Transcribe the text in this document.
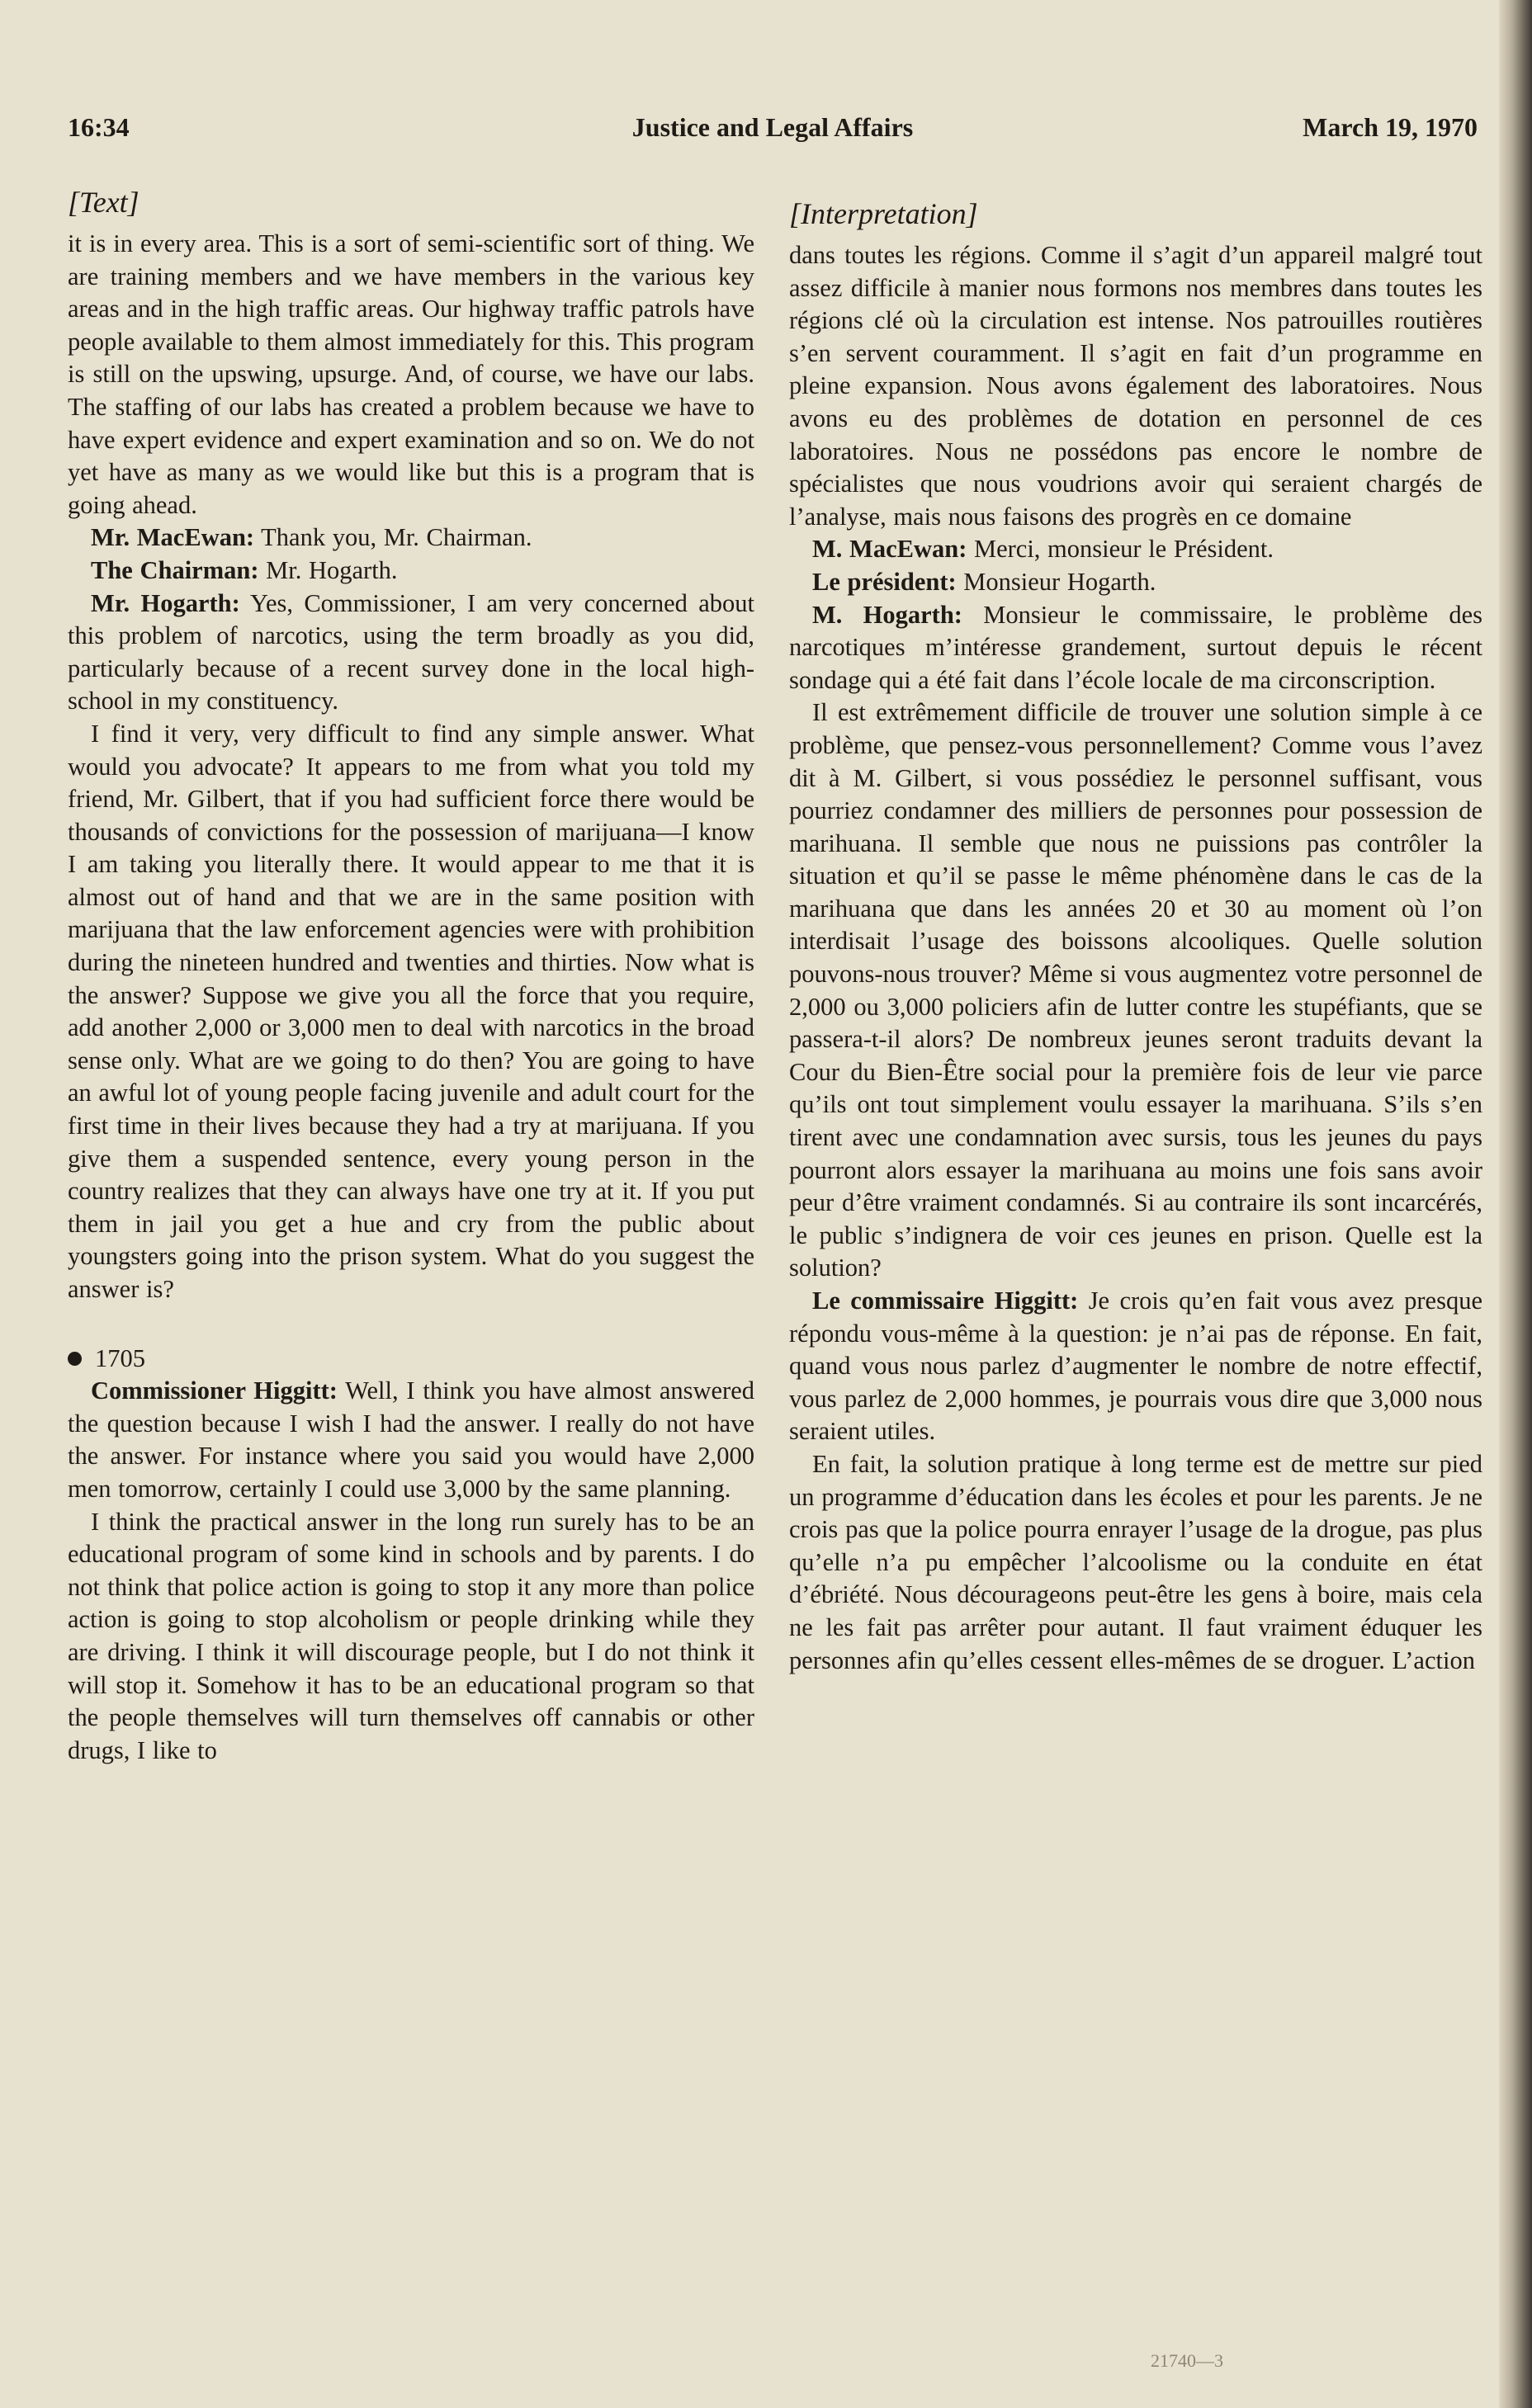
Justice and Legal Affairs
16:34	March 19, 1970
[Text]

it is in every area. This is a sort of semi-scientific sort of thing. We are training members and we have members in the various key areas and in the high traffic areas. Our highway traffic patrols have people available to them almost immediately for this. This program is still on the upswing, upsurge. And, of course, we have our labs. The staffing of our labs has created a problem because we have to have expert evidence and expert examination and so on. We do not yet have as many as we would like but this is a program that is going ahead.

Mr. MacEwan: Thank you, Mr. Chairman.

The Chairman: Mr. Hogarth.

Mr. Hogarth: Yes, Commissioner, I am very concerned about this problem of narcotics, using the term broadly as you did, particularly because of a recent survey done in the local high-school in my constituency.

I find it very, very difficult to find any simple answer. What would you advocate? It appears to me from what you told my friend, Mr. Gilbert, that if you had sufficient force there would be thousands of convictions for the possession of marijuana—I know I am taking you literally there. It would appear to me that it is almost out of hand and that we are in the same position with marijuana that the law enforcement agencies were with prohibition during the nineteen hundred and twenties and thirties. Now what is the answer? Suppose we give you all the force that you require, add another 2,000 or 3,000 men to deal with narcotics in the broad sense only. What are we going to do then? You are going to have an awful lot of young people facing juvenile and adult court for the first time in their lives because they had a try at marijuana. If you give them a suspended sentence, every young person in the country realizes that they can always have one try at it. If you put them in jail you get a hue and cry from the public about youngsters going into the prison system. What do you suggest the answer is?

1705

Commissioner Higgitt: Well, I think you have almost answered the question because I wish I had the answer. I really do not have the answer. For instance where you said you would have 2,000 men tomorrow, certainly I could use 3,000 by the same planning.

I think the practical answer in the long run surely has to be an educational program of some kind in schools and by parents. I do not think that police action is going to stop it any more than police action is going to stop alcoholism or people drinking while they are driving. I think it will discourage people, but I do not think it will stop it. Somehow it has to be an educational program so that the people themselves will turn themselves off cannabis or other drugs, I like to

[Interpretation]

dans toutes les régions. Comme il s’agit d’un appareil malgré tout assez difficile à manier nous formons nos membres dans toutes les régions clé où la circulation est intense. Nos patrouilles routières s’en servent couramment. Il s’agit en fait d’un programme en pleine expansion. Nous avons également des laboratoires. Nous avons eu des problèmes de dotation en personnel de ces laboratoires. Nous ne possédons pas encore le nombre de spécialistes que nous voudrions avoir qui seraient chargés de l’analyse, mais nous faisons des progrès en ce domaine

M. MacEwan: Merci, monsieur le Président.

Le président: Monsieur Hogarth.

M. Hogarth: Monsieur le commissaire, le problème des narcotiques m’intéresse grandement, surtout depuis le récent sondage qui a été fait dans l’école locale de ma circonscription.

Il est extrêmement difficile de trouver une solution simple à ce problème, que pensez-vous personnellement? Comme vous l’avez dit à M. Gilbert, si vous possédiez le personnel suffisant, vous pourriez condamner des milliers de personnes pour possession de marihuana. Il semble que nous ne puissions pas contrôler la situation et qu’il se passe le même phénomène dans le cas de la marihuana que dans les années 20 et 30 au moment où l’on interdisait l’usage des boissons alcooliques. Quelle solution pouvons-nous trouver? Même si vous augmentez votre personnel de 2,000 ou 3,000 policiers afin de lutter contre les stupéfiants, que se passera-t-il alors? De nombreux jeunes seront traduits devant la Cour du Bien-Être social pour la première fois de leur vie parce qu’ils ont tout simplement voulu essayer la marihuana. S’ils s’en tirent avec une condamnation avec sursis, tous les jeunes du pays pourront alors essayer la marihuana au moins une fois sans avoir peur d’être vraiment condamnés. Si au contraire ils sont incarcérés, le public s’indignera de voir ces jeunes en prison. Quelle est la solution?

Le commissaire Higgitt: Je crois qu’en fait vous avez presque répondu vous-même à la question: je n’ai pas de réponse. En fait, quand vous nous parlez d’augmenter le nombre de notre effectif, vous parlez de 2,000 hommes, je pourrais vous dire que 3,000 nous seraient utiles.

En fait, la solution pratique à long terme est de mettre sur pied un programme d’éducation dans les écoles et pour les parents. Je ne crois pas que la police pourra enrayer l’usage de la drogue, pas plus qu’elle n’a pu empêcher l’alcoolisme ou la conduite en état d’ébriété. Nous décourageons peut-être les gens à boire, mais cela ne les fait pas arrêter pour autant. Il faut vraiment éduquer les personnes afin qu’elles cessent elles-mêmes de se droguer. L’action

21740—3
